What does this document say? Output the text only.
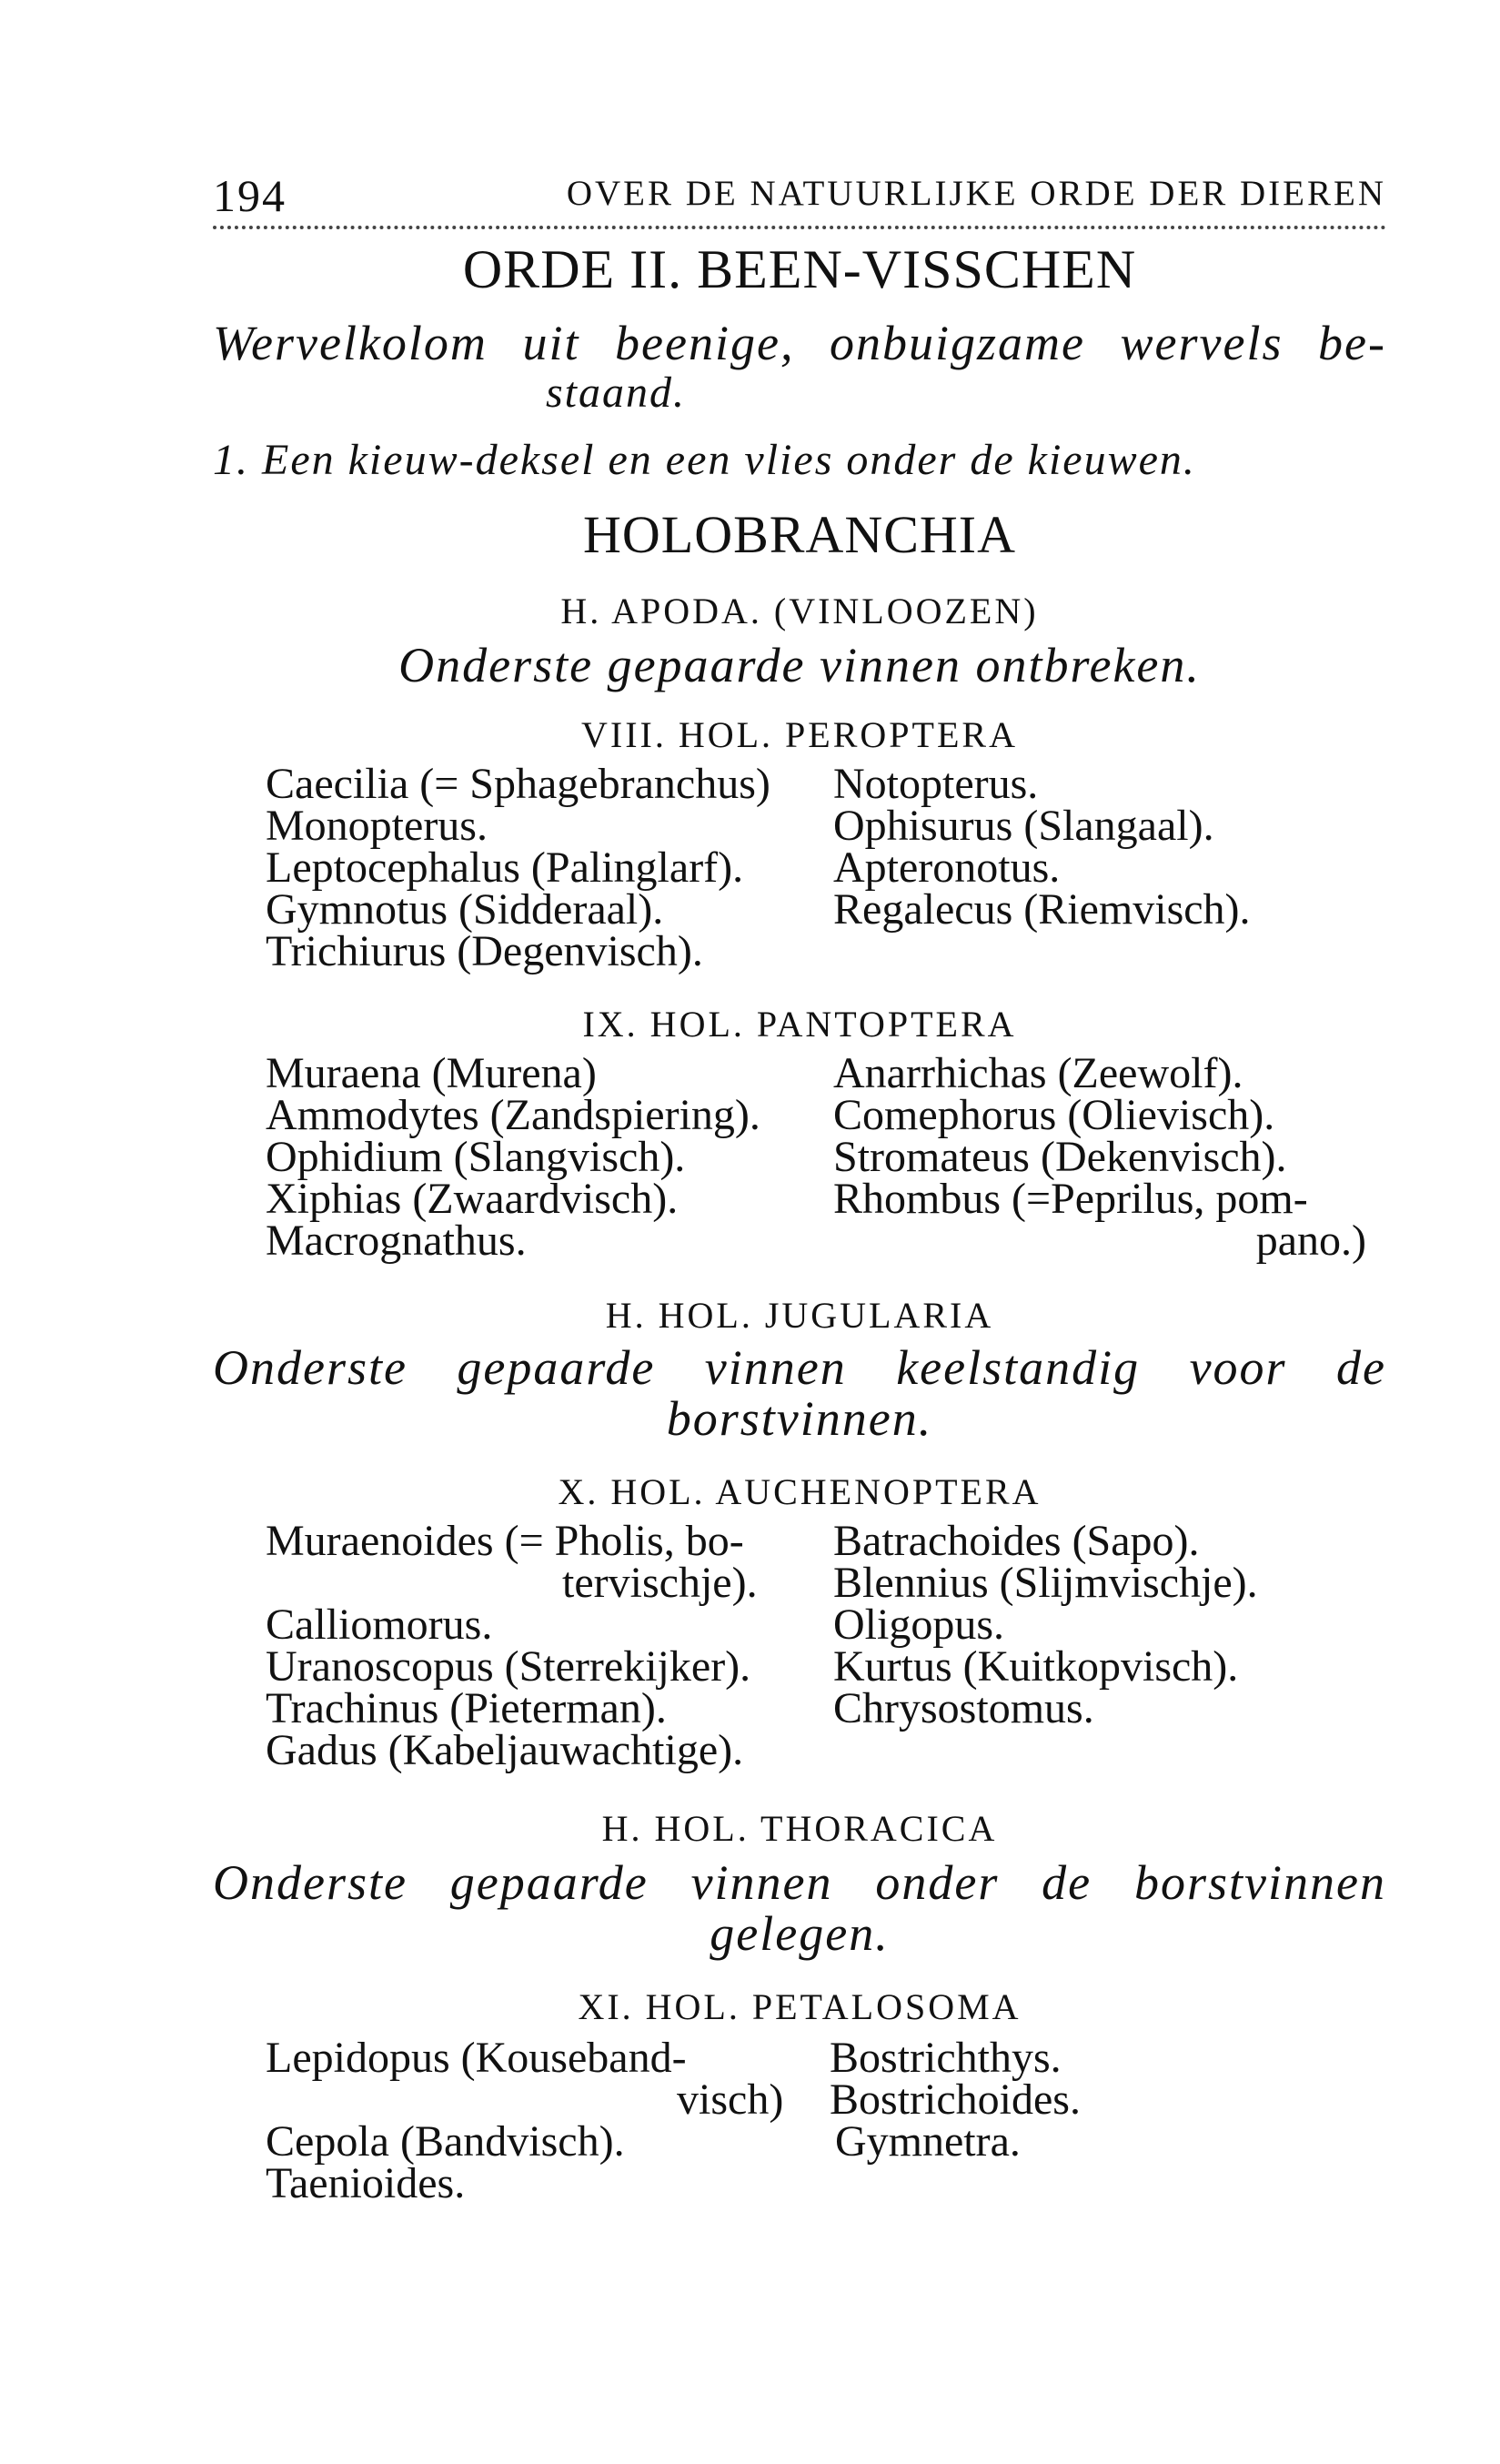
194	OVER DE NATUURLIJKE ORDE DER DIEREN
ORDE II. BEEN-VISSCHEN
Wervelkolom uit beenige, onbuigzame wervels be-
staand.
1. Een kieuw-deksel en een vlies onder de kieuwen.
HOLOBRANCHIA
H. APODA. (VINLOOZEN)
Onderste gepaarde vinnen ontbreken.
VIII. HOL. PEROPTERA
Caecilia (= Sphagebranchus)
Monopterus.
Leptocephalus (Palinglarf).
Gymnotus (Sidderaal).
Trichiurus (Degenvisch).
Notopterus.
Ophisurus (Slangaal).
Apteronotus.
Regalecus (Riemvisch).
IX. HOL. PANTOPTERA
Muraena (Murena)
Ammodytes (Zandspiering).
Ophidium (Slangvisch).
Xiphias (Zwaardvisch).
Macrognathus.
Anarrhichas (Zeewolf).
Comephorus (Olievisch).
Stromateus (Dekenvisch).
Rhombus (=Peprilus, pom-
pano.)
H. HOL. JUGULARIA
Onderste gepaarde vinnen keelstandig voor de
borstvinnen.
X. HOL. AUCHENOPTERA
Muraenoides (= Pholis, bo-
tervischje).
Calliomorus.
Uranoscopus (Sterrekijker).
Trachinus (Pieterman).
Gadus (Kabeljauwachtige).
Batrachoides (Sapo).
Blennius (Slijmvischje).
Oligopus.
Kurtus (Kuitkopvisch).
Chrysostomus.
H. HOL. THORACICA
Onderste gepaarde vinnen onder de borstvinnen
gelegen.
XI. HOL. PETALOSOMA
Lepidopus (Kouseband-
visch)
Cepola (Bandvisch).
Taenioides.
Bostrichthys.
Bostrichoides.
Gymnetra.
